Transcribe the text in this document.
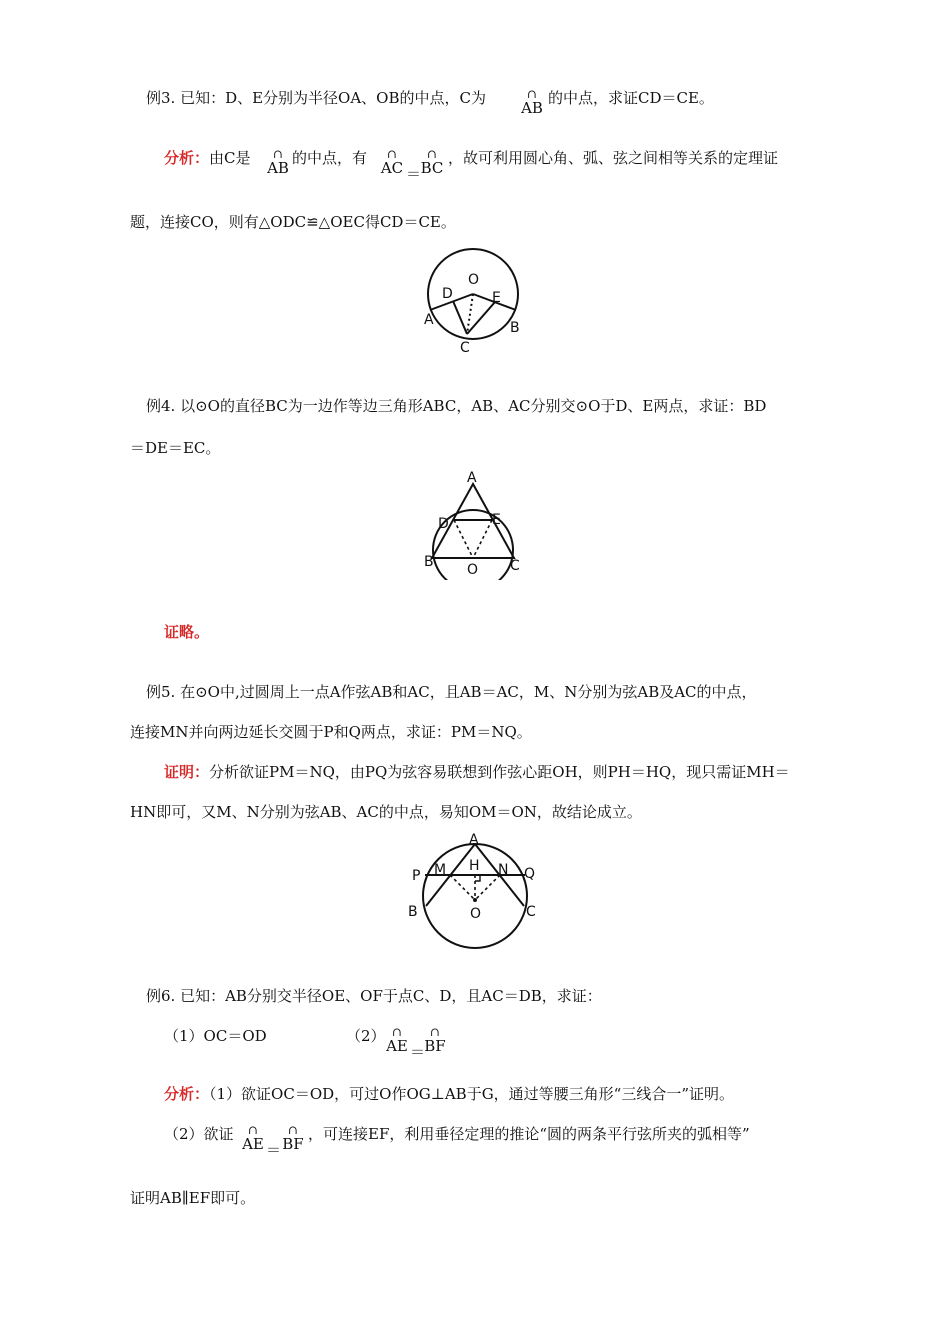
例3. 已知：D、E分别为半径OA、OB的中点，C为	∩
AB
的中点，求证CD＝CE。
分析：由C是	∩
AB
的中点，有	∩
AC ＝
∩
BC
，故可利用圆心角、弧、弦之间相等关系的定理证
题，连接CO，则有△ODC≌△OEC得CD＝CE。
O
D	E
A	B
C
例4. 以⊙O的直径BC为一边作等边三角形ABC，AB、AC分别交⊙O于D、E两点，求证：BD
＝DE＝EC。
A
D	E
B O C
证略。
例5. 在⊙O中,过圆周上一点A作弦AB和AC，且AB＝AC，M、N分别为弦AB及AC的中点，
连接MN并向两边延长交圆于P和Q两点，求证：PM＝NQ。
证明：分析欲证PM＝NQ，由PQ为弦容易联想到作弦心距OH，则PH＝HQ，现只需证MH＝
HN即可，又M、N分别为弦AB、AC的中点，易知OM＝ON，故结论成立。
A
H
P M	N Q
B	O	C
例6. 已知：AB分别交半径OE、OF于点C、D，且AC＝DB，求证：
（1）OC＝OD	（2） ∩
AE ＝
∩
BF
分析：（1）欲证OC＝OD，可过O作OG⊥AB于G，通过等腰三角形“三线合一”证明。
（2）欲证	∩
AE ＝
∩
BF
，可连接EF，利用垂径定理的推论“圆的两条平行弦所夹的弧相等”
证明AB∥EF即可。
